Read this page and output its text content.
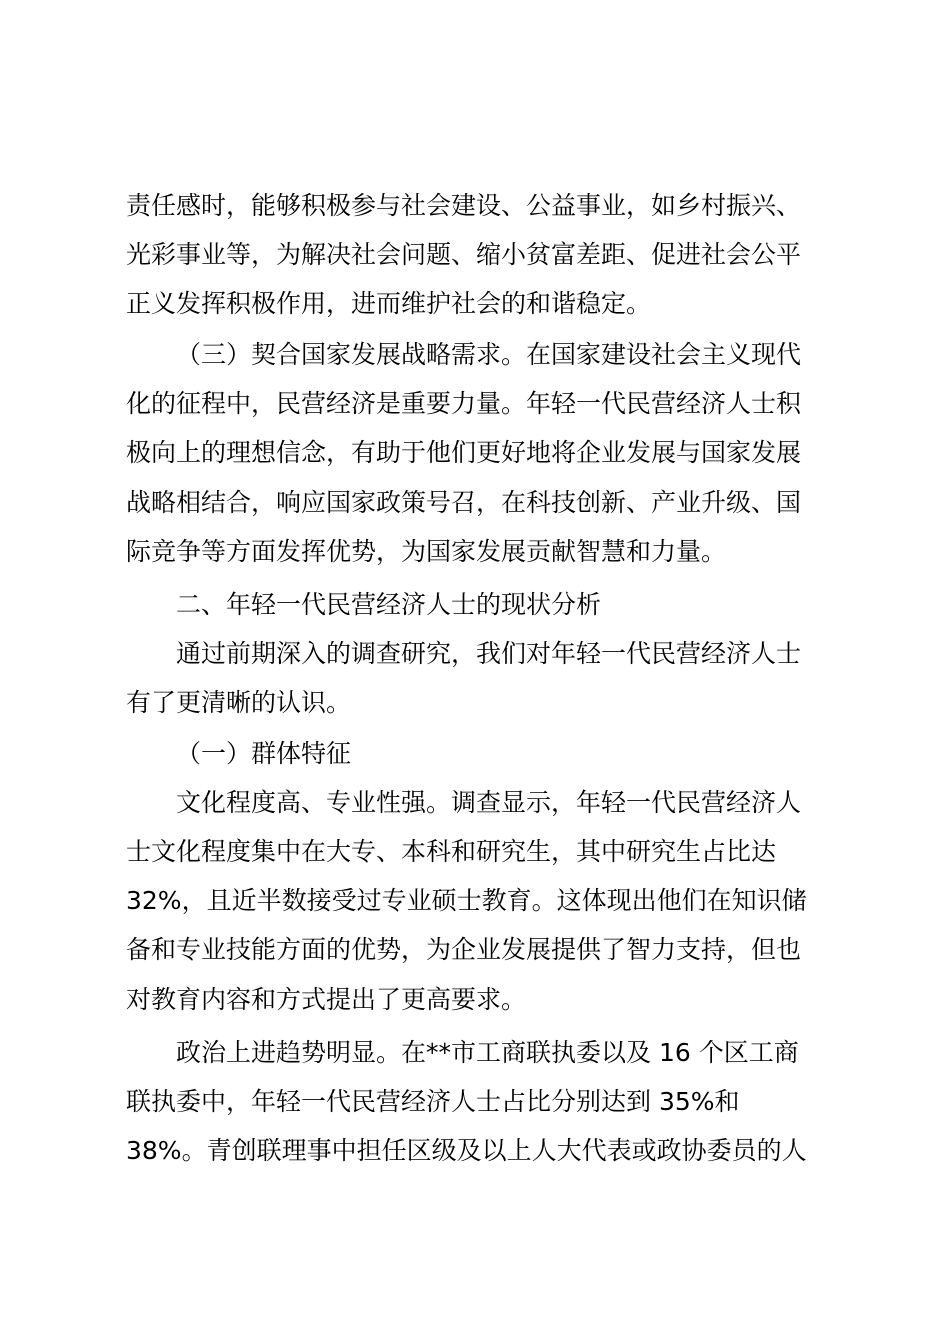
责任感时，能够积极参与社会建设、公益事业，如乡村振兴、
光彩事业等，为解决社会问题、缩小贫富差距、促进社会公平
正义发挥积极作用，进而维护社会的和谐稳定。
（三）契合国家发展战略需求。在国家建设社会主义现代
化的征程中，民营经济是重要力量。年轻一代民营经济人士积
极向上的理想信念，有助于他们更好地将企业发展与国家发展
战略相结合，响应国家政策号召，在科技创新、产业升级、国
际竞争等方面发挥优势，为国家发展贡献智慧和力量。
二、年轻一代民营经济人士的现状分析
通过前期深入的调查研究，我们对年轻一代民营经济人士
有了更清晰的认识。
（一）群体特征
文化程度高、专业性强。调查显示，年轻一代民营经济人
士文化程度集中在大专、本科和研究生，其中研究生占比达
32%，且近半数接受过专业硕士教育。这体现出他们在知识储
备和专业技能方面的优势，为企业发展提供了智力支持，但也
对教育内容和方式提出了更高要求。
政治上进趋势明显。在**市工商联执委以及 16 个区工商
联执委中，年轻一代民营经济人士占比分别达到 35%和
38%。青创联理事中担任区级及以上人大代表或政协委员的人
